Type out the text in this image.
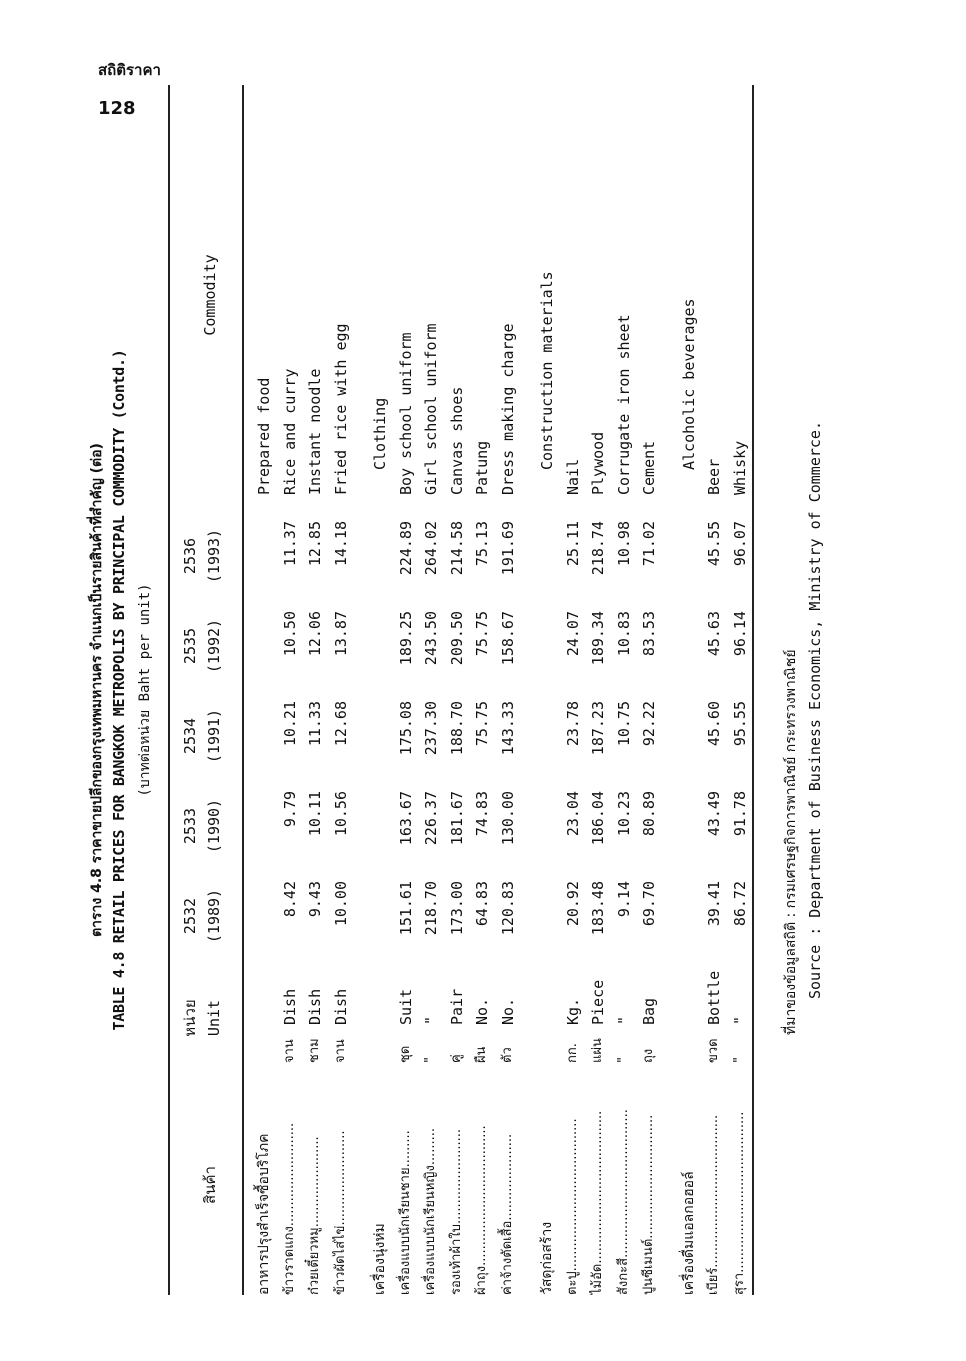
สถิติราคา
128
ตาราง 4.8 ราคาขายปลีกของกรุงเทพมหานคร จำแนกเป็นรายสินค้าที่สำคัญ (ต่อ) TABLE 4.8 RETAIL PRICES FOR BANGKOK METROPOLIS BY PRINCIPAL COMMODITY (Contd.) (บาทต่อหน่วย Baht per unit)
สินค้า
หน่วย Unit
2532 (1989)
2533 (1990)
2534 (1991)
2535 (1992)
2536 (1993)
Commodity
อาหารปรุงสำเร็จซื้อบริโภค
Prepared food
ข้าวราดแกง.........................
จาน
Dish
8.42
9.79
10.21
10.50
11.37
Rice and curry
ก๋วยเตี๋ยวหมู......................
ชาม
Dish
9.43
10.11
11.33
12.06
12.85
Instant noodle
ข้าวผัดไส่ไข่.......................
จาน
Dish
10.00
10.56
12.68
13.87
14.18
Fried rice with egg
เครื่องนุ่งห่ม
Clothing
เครื่องแบบนักเรียนชาย.........
ชุด
Suit
151.61
163.67
175.08
189.25
224.89
Boy school uniform
เครื่องแบบนักเรียนหญิง.........
"
"
218.70
226.37
237.30
243.50
264.02
Girl school uniform
รองเท้าผ้าใบ.......................
คู่
Pair
173.00
181.67
188.70
209.50
214.58
Canvas shoes
ผ้าถุง..................................
ผืน
No.
64.83
74.83
75.75
75.75
75.13
Patung
ค่าจ้างตัดเสื้อ.....................
ตัว
No.
120.83
130.00
143.33
158.67
191.69
Dress making charge
วัสดุก่อสร้าง
Construction materials
ตะปู.....................................
กก.
Kg.
20.92
23.04
23.78
24.07
25.11
Nail
ไม้อัด.....................................
แผ่น
Piece
183.48
186.04
187.23
189.34
218.74
Plywood
สังกะสี....................................
"
"
9.14
10.23
10.75
10.83
10.98
Corrugate iron sheet
ปูนซีเมนต์..............................
ถุง
Bag
69.70
80.89
92.22
83.53
71.02
Cement
เครื่องดื่มแอลกอฮอล์
Alcoholic beverages
เบียร์.....................................
ขวด
Bottle
39.41
43.49
45.60
45.63
45.55
Beer
สุรา.......................................
"
"
86.72
91.78
95.55
96.14
96.07
Whisky
ที่มาของข้อมูลสถิติ : กรมเศรษฐกิจการพาณิชย์ กระทรวงพาณิชย์ Source : Department of Business Economics, Ministry of Commerce.
